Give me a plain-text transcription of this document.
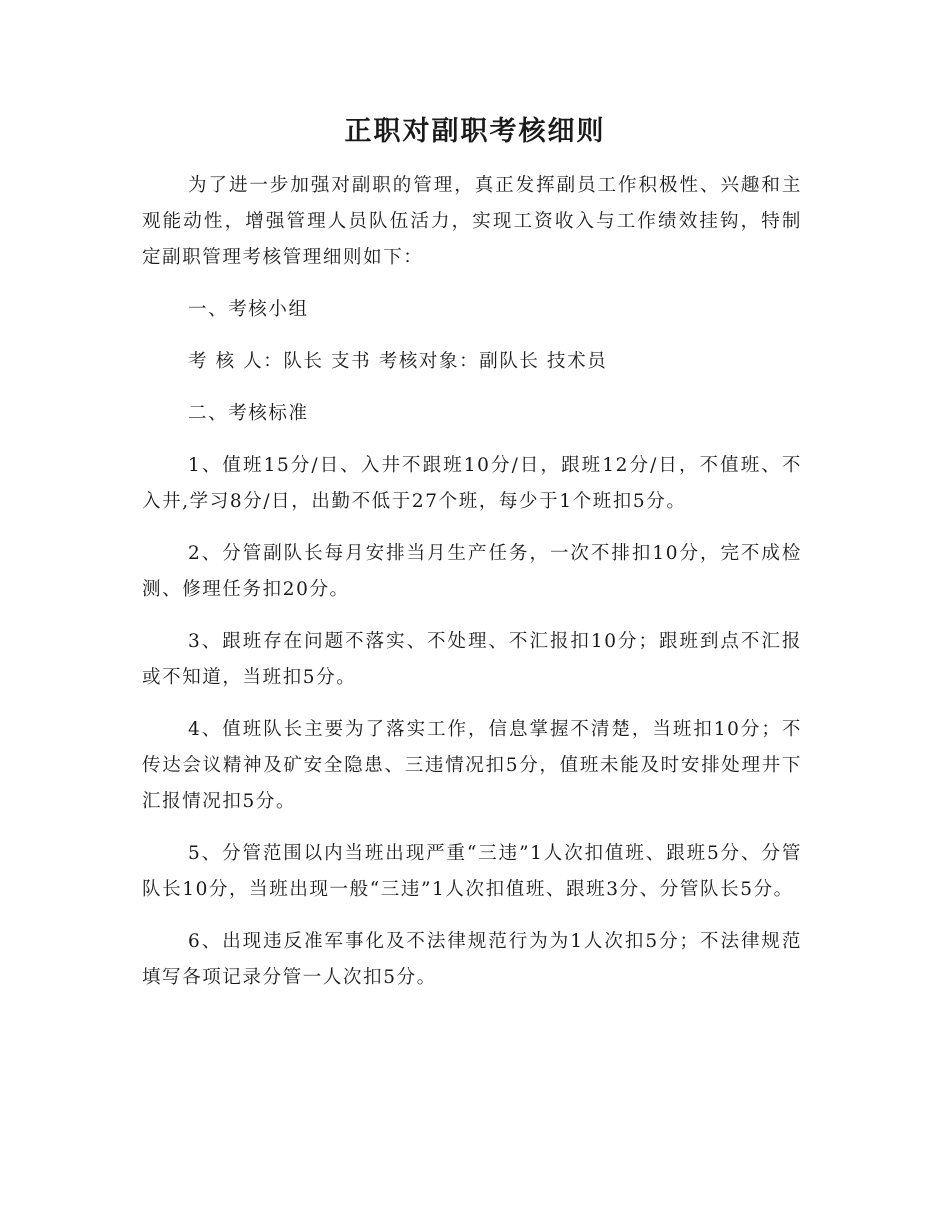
正职对副职考核细则

为了进一步加强对副职的管理，真正发挥副员工作积极性、兴趣和主观能动性，增强管理人员队伍活力，实现工资收入与工作绩效挂钩，特制定副职管理考核管理细则如下：

一、考核小组

考 核 人：队长 支书 考核对象：副队长 技术员

二、考核标准

1、值班15分/日、入井不跟班10分/日，跟班12分/日，不值班、不入井,学习8分/日，出勤不低于27个班，每少于1个班扣5分。

2、分管副队长每月安排当月生产任务，一次不排扣10分，完不成检测、修理任务扣20分。

3、跟班存在问题不落实、不处理、不汇报扣10分；跟班到点不汇报或不知道，当班扣5分。

4、值班队长主要为了落实工作，信息掌握不清楚，当班扣10分；不传达会议精神及矿安全隐患、三违情况扣5分，值班未能及时安排处理井下汇报情况扣5分。

5、分管范围以内当班出现严重“三违”1人次扣值班、跟班5分、分管队长10分，当班出现一般“三违”1人次扣值班、跟班3分、分管队长5分。

6、出现违反准军事化及不法律规范行为为1人次扣5分；不法律规范填写各项记录分管一人次扣5分。
